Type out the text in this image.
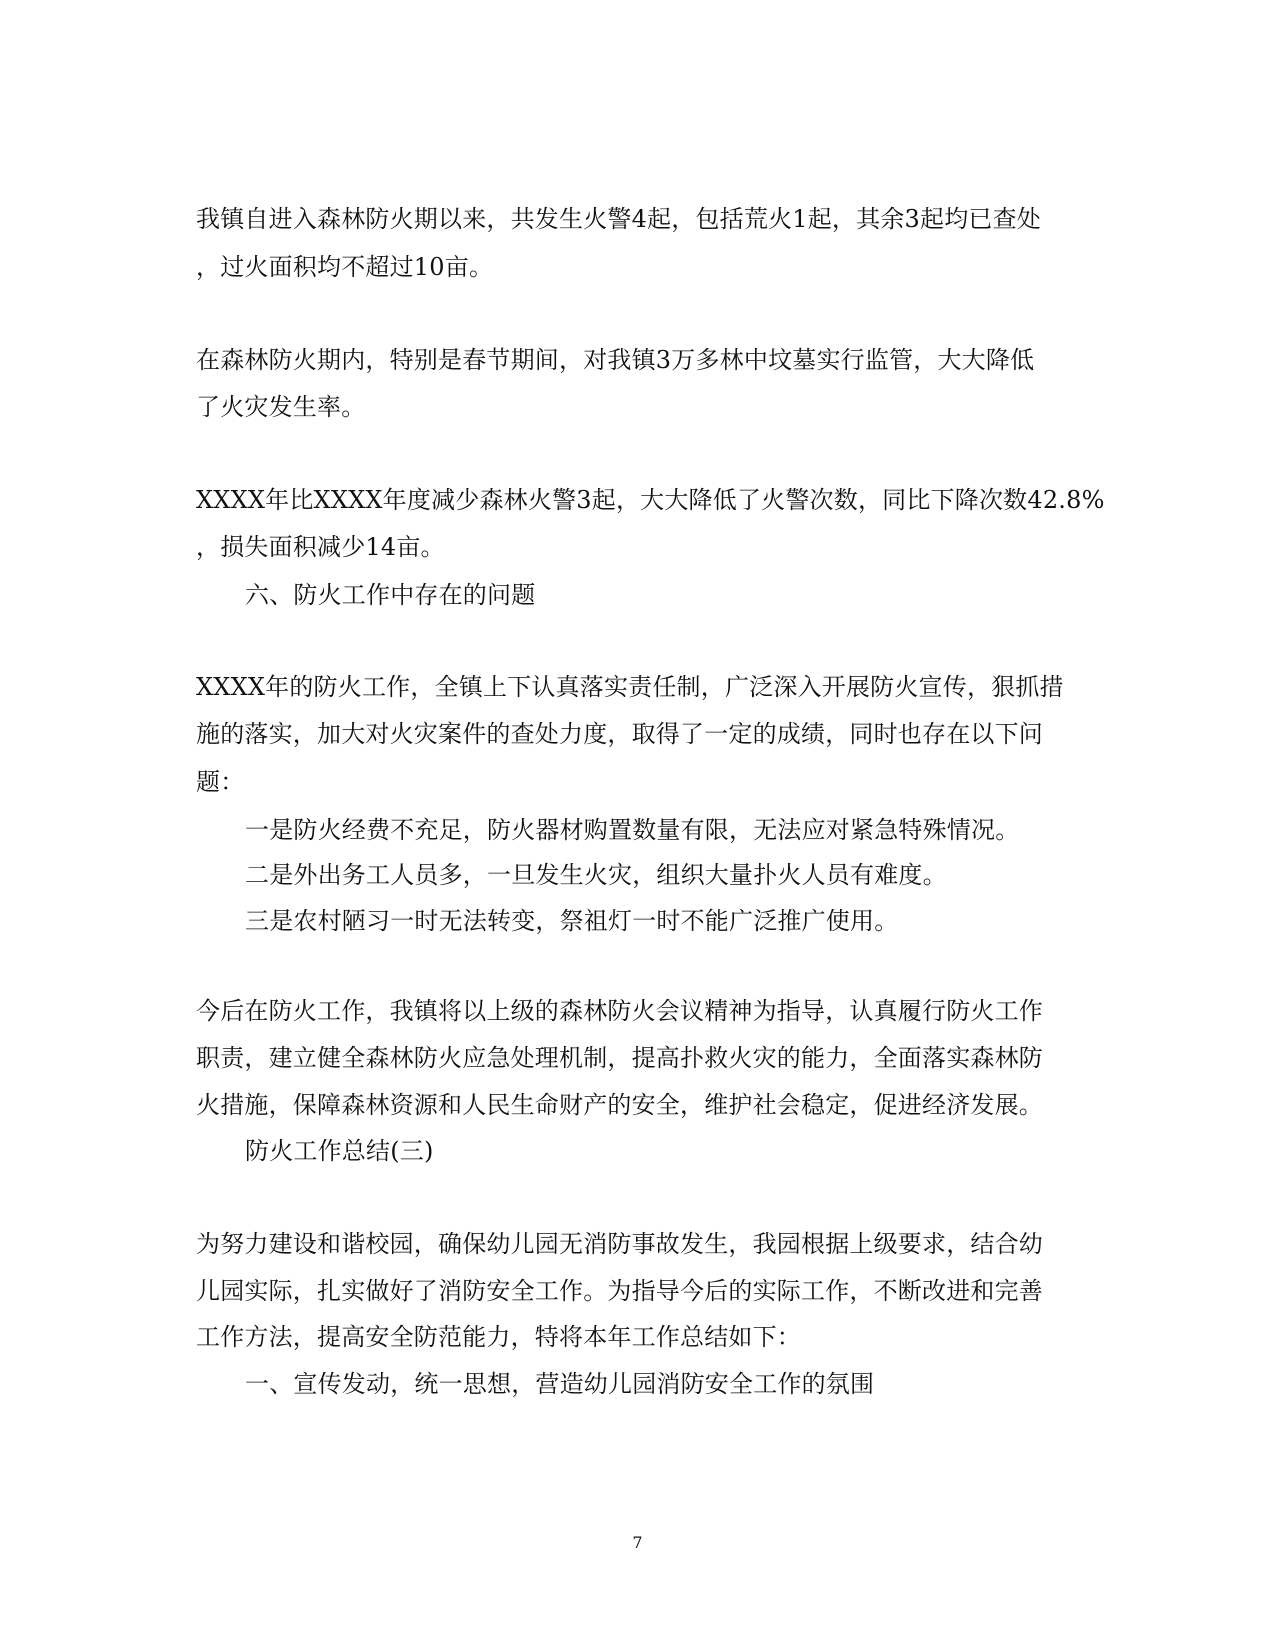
我镇自进入森林防火期以来，共发生火警4起，包括荒火1起，其余3起均已查处
，过火面积均不超过10亩。
在森林防火期内，特别是春节期间，对我镇3万多林中坟墓实行监管，大大降低
了火灾发生率。
XXXX年比XXXX年度减少森林火警3起，大大降低了火警次数，同比下降次数42.8%
，损失面积减少14亩。
六、防火工作中存在的问题
XXXX年的防火工作，全镇上下认真落实责任制，广泛深入开展防火宣传，狠抓措
施的落实，加大对火灾案件的查处力度，取得了一定的成绩，同时也存在以下问
题：
一是防火经费不充足，防火器材购置数量有限，无法应对紧急特殊情况。
二是外出务工人员多，一旦发生火灾，组织大量扑火人员有难度。
三是农村陋习一时无法转变，祭祖灯一时不能广泛推广使用。
今后在防火工作，我镇将以上级的森林防火会议精神为指导，认真履行防火工作
职责，建立健全森林防火应急处理机制，提高扑救火灾的能力，全面落实森林防
火措施，保障森林资源和人民生命财产的安全，维护社会稳定，促进经济发展。
防火工作总结(三)
为努力建设和谐校园，确保幼儿园无消防事故发生，我园根据上级要求，结合幼
儿园实际，扎实做好了消防安全工作。为指导今后的实际工作，不断改进和完善
工作方法，提高安全防范能力，特将本年工作总结如下：
一、宣传发动，统一思想，营造幼儿园消防安全工作的氛围
7
